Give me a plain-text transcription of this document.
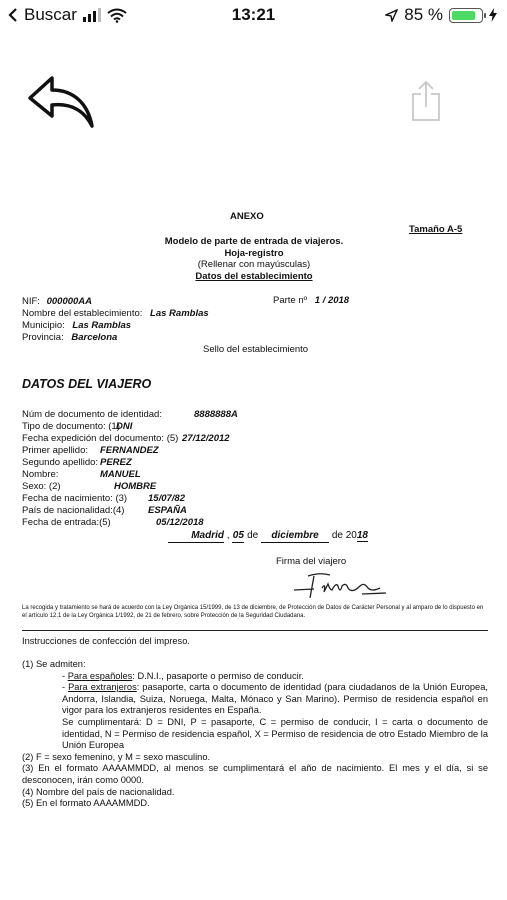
Buscar	13:21	85 %
ANEXO
Tamaño A-5
Modelo de parte de entrada de viajeros.
Hoja-registro
(Rellenar con mayúsculas)
Datos del establecimiento
NIF: 000000AA	Parte nº 1 / 2018
Nombre del establecimiento: Las Ramblas
Municipio: Las Ramblas
Provincia: Barcelona
Sello del establecimiento
DATOS DEL VIAJERO
Núm de documento de identidad:	8888888A
Tipo de documento: (1)
DNI
Fecha expedición del documento: (5) 27/12/2012
Primer apellido: FERNANDEZ
Segundo apellido: PEREZ
Nombre:	MANUEL
Sexo: (2)	HOMBRE
Fecha de nacimiento: (3) 15/07/82
País de nacionalidad:(4) ESPAÑA
Fecha de entrada:(5)	05/12/2018
Madrid , 05 de diciembre de 2018
Firma del viajero
La recogida y tratamiento se hará de acuerdo con la Ley Orgánica 15/1999, de 13 de diciembre, de Protección de Datos de Carácter Personal y al amparo de lo dispuesto en el artículo 12.1 de la Ley Orgánica 1/1992, de 21 de febrero, sobre Protección de la Seguridad Ciudadana.
Instrucciones de confección del impreso.
(1) Se admiten:
- Para españoles: D.N.I., pasaporte o permiso de conducir.
- Para extranjeros: pasaporte, carta o documento de identidad (para ciudadanos de la Unión Europea, Andorra, Islandia, Suiza, Noruega, Malta, Mónaco y San Marino). Permiso de residencia español en vigor para los extranjeros residentes en España.
Se cumplimentará: D = DNI, P = pasaporte, C = permiso de conducir, I = carta o documento de identidad, N = Permiso de residencia español, X = Permiso de residencia de otro Estado Miembro de la Unión Europea
(2) F = sexo femenino, y M = sexo masculino.
(3) En el formato AAAAMMDD, al menos se cumplimentará el año de nacimiento. El mes y el día, si se desconocen, irán como 0000.
(4) Nombre del país de nacionalidad.
(5) En el formato AAAAMMDD.
